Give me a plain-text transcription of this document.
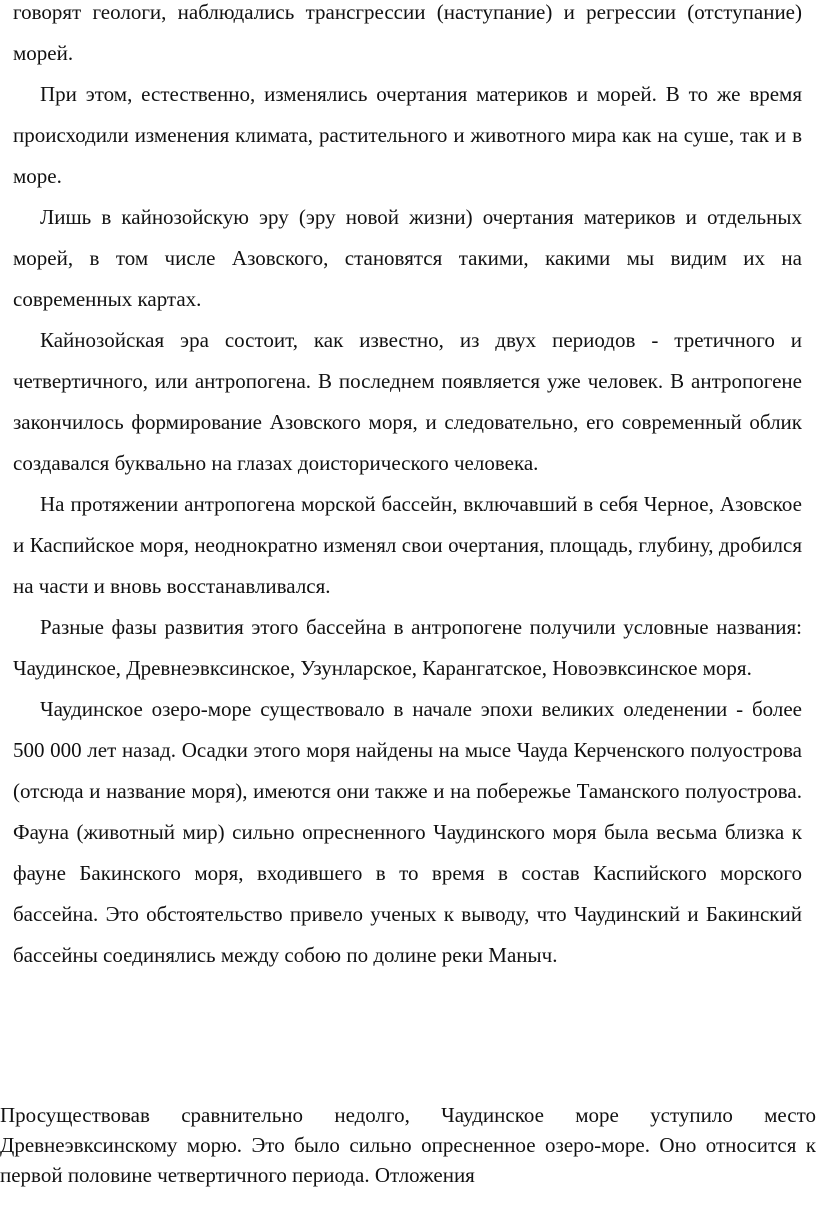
говорят геологи, наблюдались трансгрессии (наступание) и регрессии (отступание) морей.

При этом, естественно, изменялись очертания материков и морей. В то же время происходили изменения климата, растительного и животного мира как на суше, так и в море.

Лишь в кайнозойскую эру (эру новой жизни) очертания материков и отдельных морей, в том числе Азовского, становятся такими, какими мы видим их на современных картах.

Кайнозойская эра состоит, как известно, из двух периодов - третичного и четвертичного, или антропогена. В последнем появляется уже человек. В антропогене закончилось формирование Азовского моря, и следовательно, его современный облик создавался буквально на глазах доисторического человека.

На протяжении антропогена морской бассейн, включавший в себя Черное, Азовское и Каспийское моря, неоднократно изменял свои очертания, площадь, глубину, дробился на части и вновь восстанавливался.

Разные фазы развития этого бассейна в антропогене получили условные названия: Чаудинское, Древнеэвксинское, Узунларское, Карангатское, Новоэвксинское моря.

Чаудинское озеро-море существовало в начале эпохи великих оледенении - более 500 000 лет назад. Осадки этого моря найдены на мысе Чауда Керченского полуострова (отсюда и название моря), имеются они также и на побережье Таманского полуострова. Фауна (животный мир) сильно опресненного Чаудинского моря была весьма близка к фауне Бакинского моря, входившего в то время в состав Каспийского морского бассейна. Это обстоятельство привело ученых к выводу, что Чаудинский и Бакинский бассейны соединялись между собою по долине реки Маныч.

Просуществовав сравнительно недолго, Чаудинское море уступило место Древнеэвксинскому морю. Это было сильно опресненное озеро-море. Оно относится к первой половине четвертичного периода. Отложения
